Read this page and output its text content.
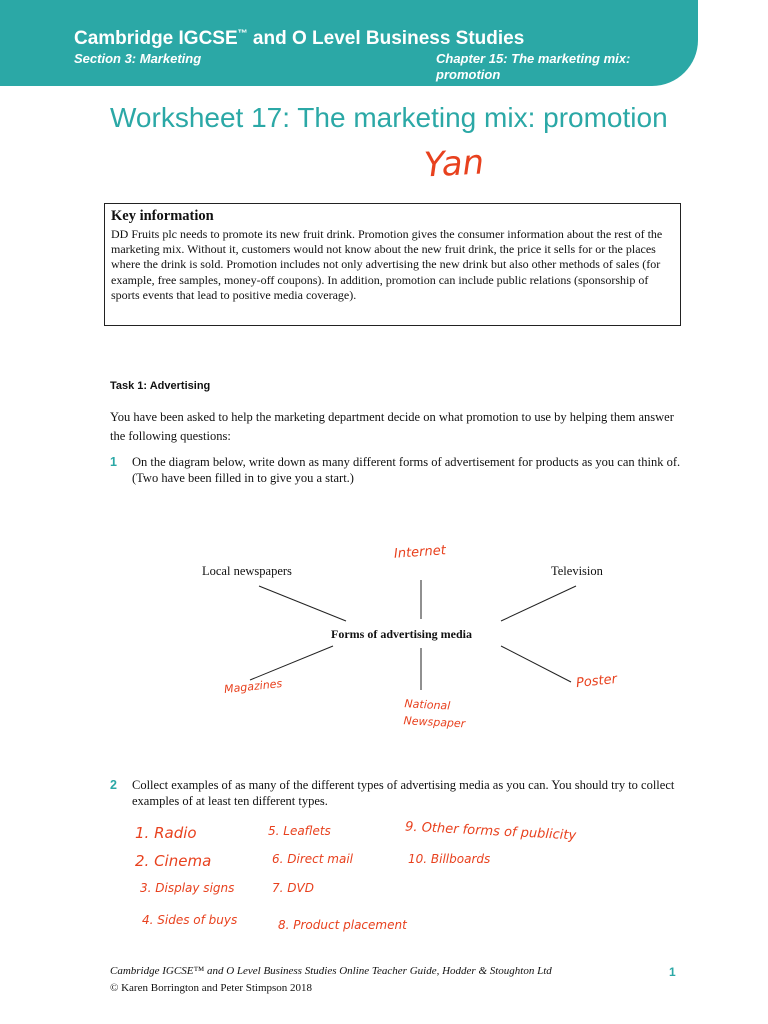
Cambridge IGCSE™ and O Level Business Studies
Section 3: Marketing	Chapter 15: The marketing mix: promotion
Worksheet 17: The marketing mix: promotion
Yan
Key information
DD Fruits plc needs to promote its new fruit drink. Promotion gives the consumer information about the rest of the marketing mix. Without it, customers would not know about the new fruit drink, the price it sells for or the places where the drink is sold. Promotion includes not only advertising the new drink but also other methods of sales (for example, free samples, money-off coupons). In addition, promotion can include public relations (sponsorship of sports events that lead to positive media coverage).
Task 1: Advertising
You have been asked to help the marketing department decide on what promotion to use by helping them answer the following questions:
1 On the diagram below, write down as many different forms of advertisement for products as you can think of. (Two have been filled in to give you a start.)
Local newspapers	Television
Forms of advertising media
Internet
Magazines
National Newspaper
Poster
2 Collect examples of as many of the different types of advertising media as you can. You should try to collect examples of at least ten different types.
1. Radio
2. Cinema
3. Display signs
4. Sides of buys
5. Leaflets
6. Direct mail
7. DVD
8. Product placement
9. Other forms of publicity
10. Billboards
Cambridge IGCSE™ and O Level Business Studies Online Teacher Guide, Hodder & Stoughton Ltd
© Karen Borrington and Peter Stimpson 2018
1
